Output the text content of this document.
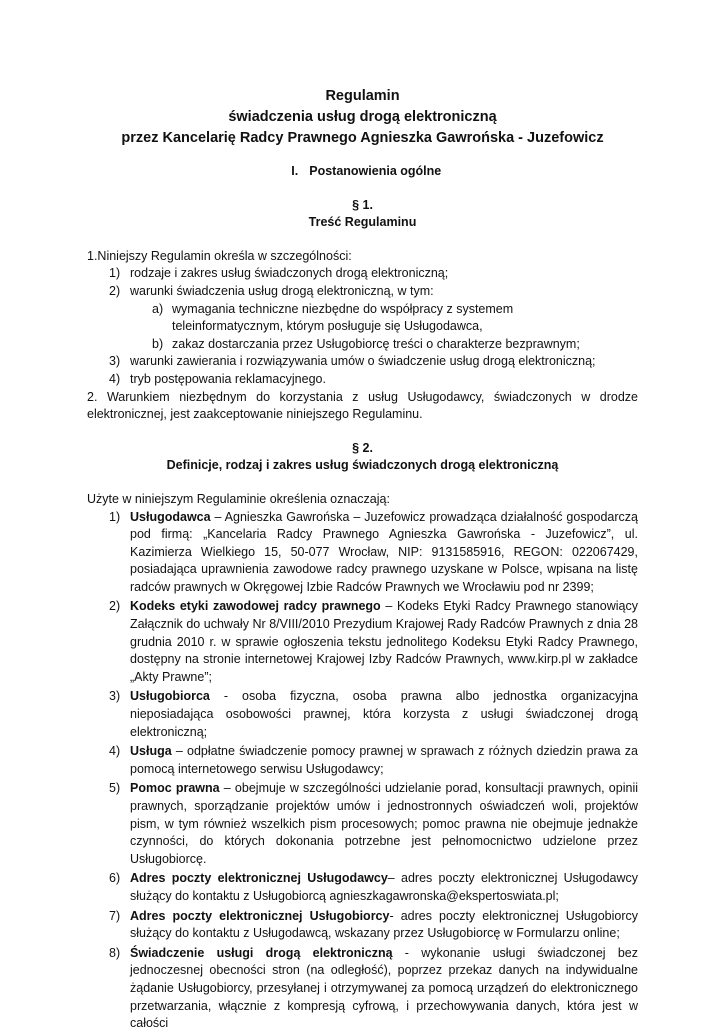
Regulamin
świadczenia usług drogą elektroniczną
przez Kancelarię Radcy Prawnego Agnieszka Gawrońska - Juzefowicz
I. Postanowienia ogólne
§ 1.
Treść Regulaminu
1.Niniejszy Regulamin określa w szczególności:
1) rodzaje i zakres usług świadczonych drogą elektroniczną;
2) warunki świadczenia usług drogą elektroniczną, w tym:
a) wymagania techniczne niezbędne do współpracy z systemem teleinformatycznym, którym posługuje się Usługodawca,
b) zakaz dostarczania przez Usługobiorcę treści o charakterze bezprawnym;
3) warunki zawierania i rozwiązywania umów o świadczenie usług drogą elektroniczną;
4) tryb postępowania reklamacyjnego.
2. Warunkiem niezbędnym do korzystania z usług Usługodawcy, świadczonych w drodze elektronicznej, jest zaakceptowanie niniejszego Regulaminu.
§ 2.
Definicje, rodzaj i zakres usług świadczonych drogą elektroniczną
Użyte w niniejszym Regulaminie określenia oznaczają:
1) Usługodawca – Agnieszka Gawrońska – Juzefowicz prowadząca działalność gospodarczą pod firmą: „Kancelaria Radcy Prawnego Agnieszka Gawrońska - Juzefowicz”, ul. Kazimierza Wielkiego 15, 50-077 Wrocław, NIP: 9131585916, REGON: 022067429, posiadająca uprawnienia zawodowe radcy prawnego uzyskane w Polsce, wpisana na listę radców prawnych w Okręgowej Izbie Radców Prawnych we Wrocławiu pod nr 2399;
2) Kodeks etyki zawodowej radcy prawnego – Kodeks Etyki Radcy Prawnego stanowiący Załącznik do uchwały Nr 8/VIII/2010 Prezydium Krajowej Rady Radców Prawnych z dnia 28 grudnia 2010 r. w sprawie ogłoszenia tekstu jednolitego Kodeksu Etyki Radcy Prawnego, dostępny na stronie internetowej Krajowej Izby Radców Prawnych, www.kirp.pl w zakładce „Akty Prawne”;
3) Usługobiorca - osoba fizyczna, osoba prawna albo jednostka organizacyjna nieposiadająca osobowości prawnej, która korzysta z usługi świadczonej drogą elektroniczną;
4) Usługa – odpłatne świadczenie pomocy prawnej w sprawach z różnych dziedzin prawa za pomocą internetowego serwisu Usługodawcy;
5) Pomoc prawna – obejmuje w szczególności udzielanie porad, konsultacji prawnych, opinii prawnych, sporządzanie projektów umów i jednostronnych oświadczeń woli, projektów pism, w tym również wszelkich pism procesowych; pomoc prawna nie obejmuje jednakże czynności, do których dokonania potrzebne jest pełnomocnictwo udzielone przez Usługobiorcę.
6) Adres poczty elektronicznej Usługodawcy– adres poczty elektronicznej Usługodawcy służący do kontaktu z Usługobiorcą agnieszkagawronska@ekspertoswiata.pl;
7) Adres poczty elektronicznej Usługobiorcy- adres poczty elektronicznej Usługobiorcy służący do kontaktu z Usługodawcą, wskazany przez Usługobiorcę w Formularzu online;
8) Świadczenie usługi drogą elektroniczną - wykonanie usługi świadczonej bez jednoczesnej obecności stron (na odległość), poprzez przekaz danych na indywidualne żądanie Usługobiorcy, przesyłanej i otrzymywanej za pomocą urządzeń do elektronicznego przetwarzania, włącznie z kompresją cyfrową, i przechowywania danych, która jest w całości
